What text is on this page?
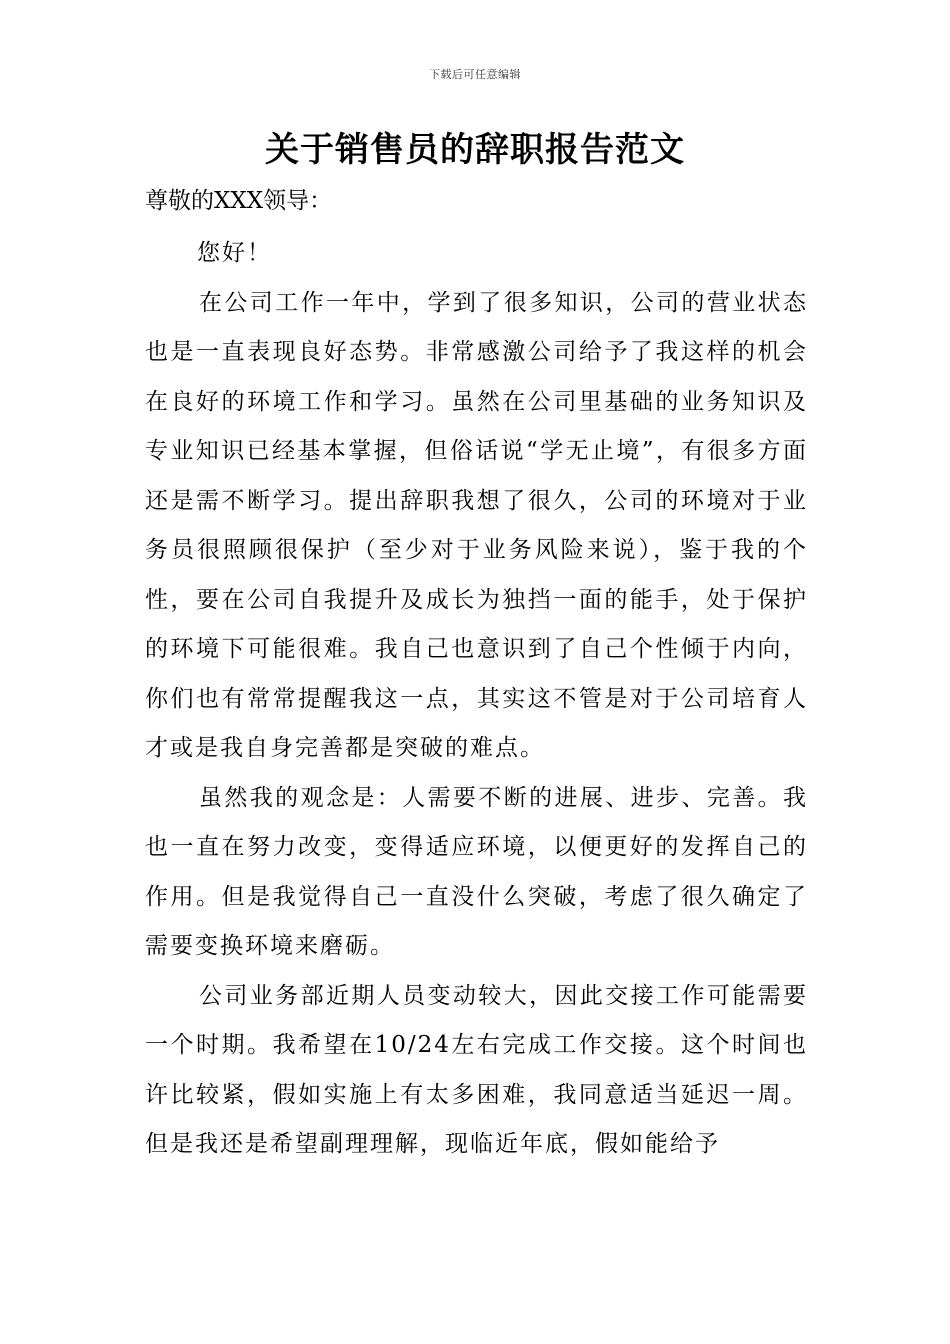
下载后可任意编辑
关于销售员的辞职报告范文
尊敬的XXX领导：

您好！

在公司工作一年中，学到了很多知识，公司的营业状态也是一直表现良好态势。非常感激公司给予了我这样的机会在良好的环境工作和学习。虽然在公司里基础的业务知识及专业知识已经基本掌握，但俗话说“学无止境”，有很多方面还是需不断学习。提出辞职我想了很久，公司的环境对于业务员很照顾很保护（至少对于业务风险来说），鉴于我的个性，要在公司自我提升及成长为独挡一面的能手，处于保护的环境下可能很难。我自己也意识到了自己个性倾于内向，你们也有常常提醒我这一点，其实这不管是对于公司培育人才或是我自身完善都是突破的难点。

虽然我的观念是：人需要不断的进展、进步、完善。我也一直在努力改变，变得适应环境，以便更好的发挥自己的作用。但是我觉得自己一直没什么突破，考虑了很久确定了需要变换环境来磨砺。

公司业务部近期人员变动较大，因此交接工作可能需要一个时期。我希望在10/24左右完成工作交接。这个时间也许比较紧，假如实施上有太多困难，我同意适当延迟一周。但是我还是希望副理理解，现临近年底，假如能给予
